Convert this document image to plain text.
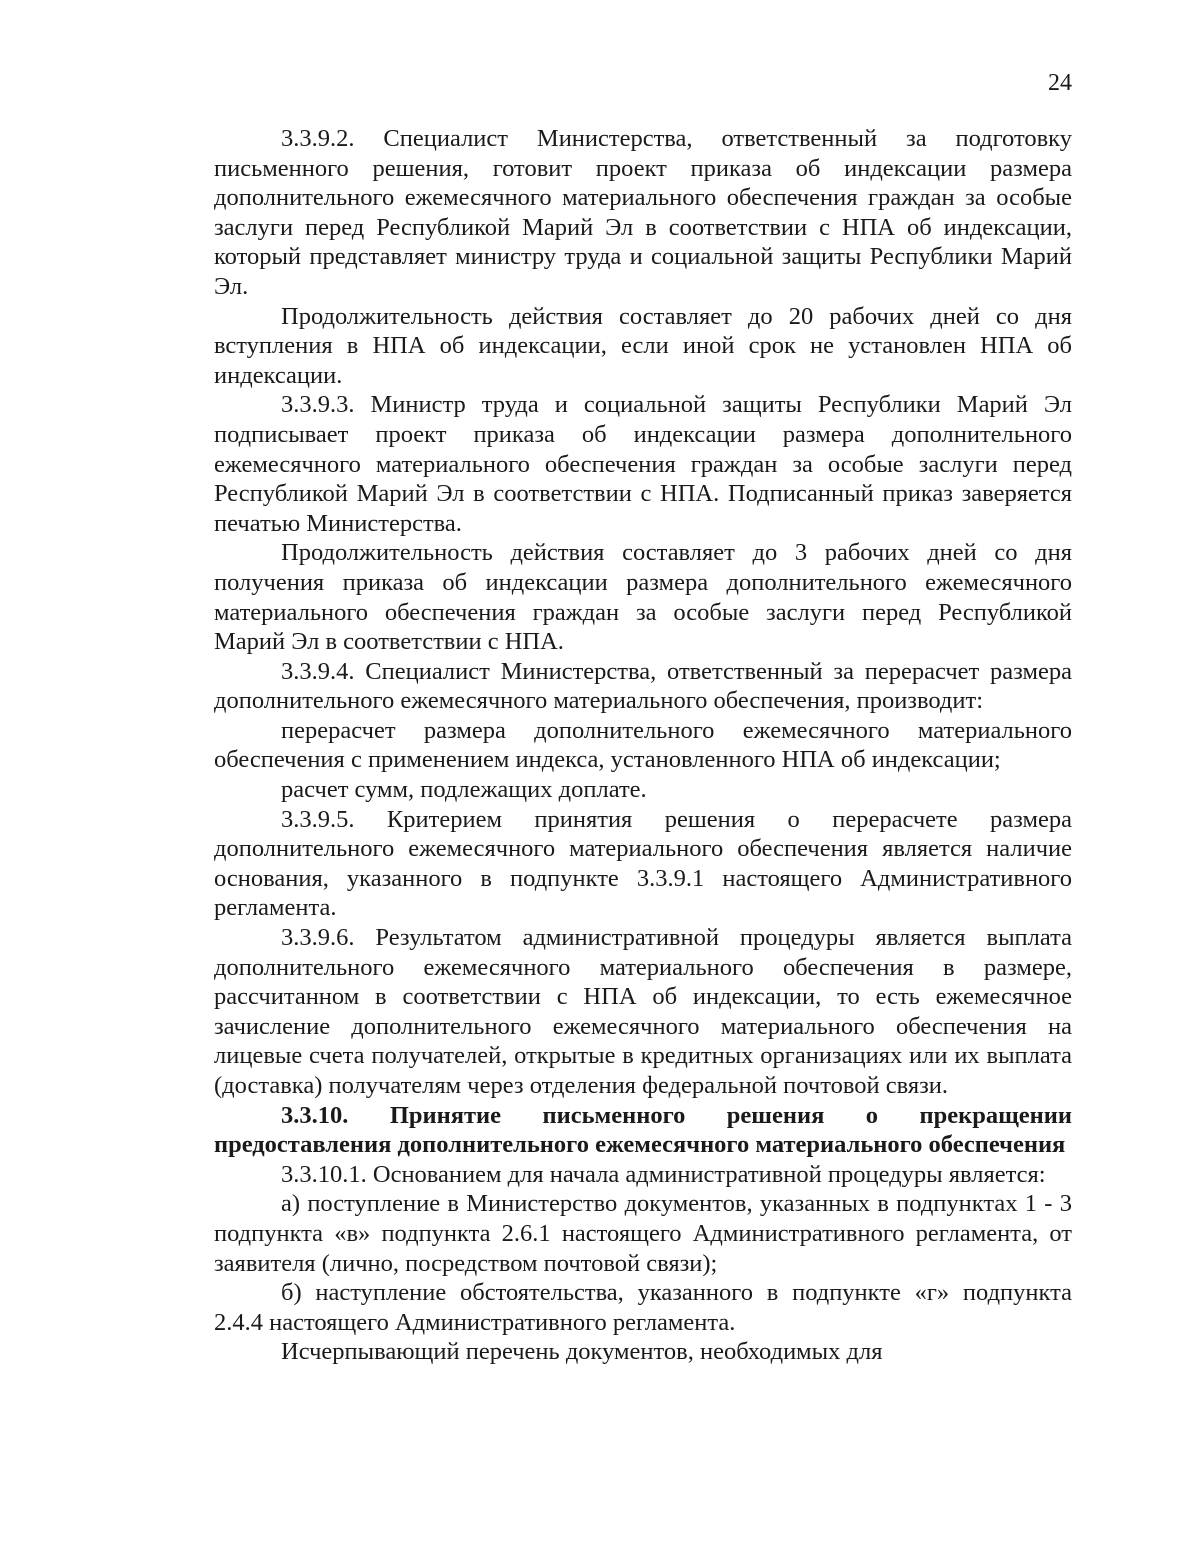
24

3.3.9.2. Специалист Министерства, ответственный за подготовку письменного решения, готовит проект приказа об индексации размера дополнительного ежемесячного материального обеспечения граждан за особые заслуги перед Республикой Марий Эл в соответствии с НПА об индексации, который представляет министру труда и социальной защиты Республики Марий Эл.

Продолжительность действия составляет до 20 рабочих дней со дня вступления в НПА об индексации, если иной срок не установлен НПА об индексации.

3.3.9.3. Министр труда и социальной защиты Республики Марий Эл подписывает проект приказа об индексации размера дополнительного ежемесячного материального обеспечения граждан за особые заслуги перед Республикой Марий Эл в соответствии с НПА. Подписанный приказ заверяется печатью Министерства.

Продолжительность действия составляет до 3 рабочих дней со дня получения приказа об индексации размера дополнительного ежемесячного материального обеспечения граждан за особые заслуги перед Республикой Марий Эл в соответствии с НПА.

3.3.9.4. Специалист Министерства, ответственный за перерасчет размера дополнительного ежемесячного материального обеспечения, производит:

перерасчет размера дополнительного ежемесячного материального обеспечения с применением индекса, установленного НПА об индексации;

расчет сумм, подлежащих доплате.

3.3.9.5. Критерием принятия решения о перерасчете размера дополнительного ежемесячного материального обеспечения является наличие основания, указанного в подпункте 3.3.9.1 настоящего Административного регламента.

3.3.9.6. Результатом административной процедуры является выплата дополнительного ежемесячного материального обеспечения в размере, рассчитанном в соответствии с НПА об индексации, то есть ежемесячное зачисление дополнительного ежемесячного материального обеспечения на лицевые счета получателей, открытые в кредитных организациях или их выплата (доставка) получателям через отделения федеральной почтовой связи.

3.3.10. Принятие письменного решения о прекращении предоставления дополнительного ежемесячного материального обеспечения

3.3.10.1. Основанием для начала административной процедуры является:

а) поступление в Министерство документов, указанных в подпунктах 1 - 3 подпункта «в» подпункта 2.6.1 настоящего Административного регламента, от заявителя (лично, посредством почтовой связи);

б) наступление обстоятельства, указанного в подпункте «г» подпункта 2.4.4 настоящего Административного регламента.

Исчерпывающий перечень документов, необходимых для
